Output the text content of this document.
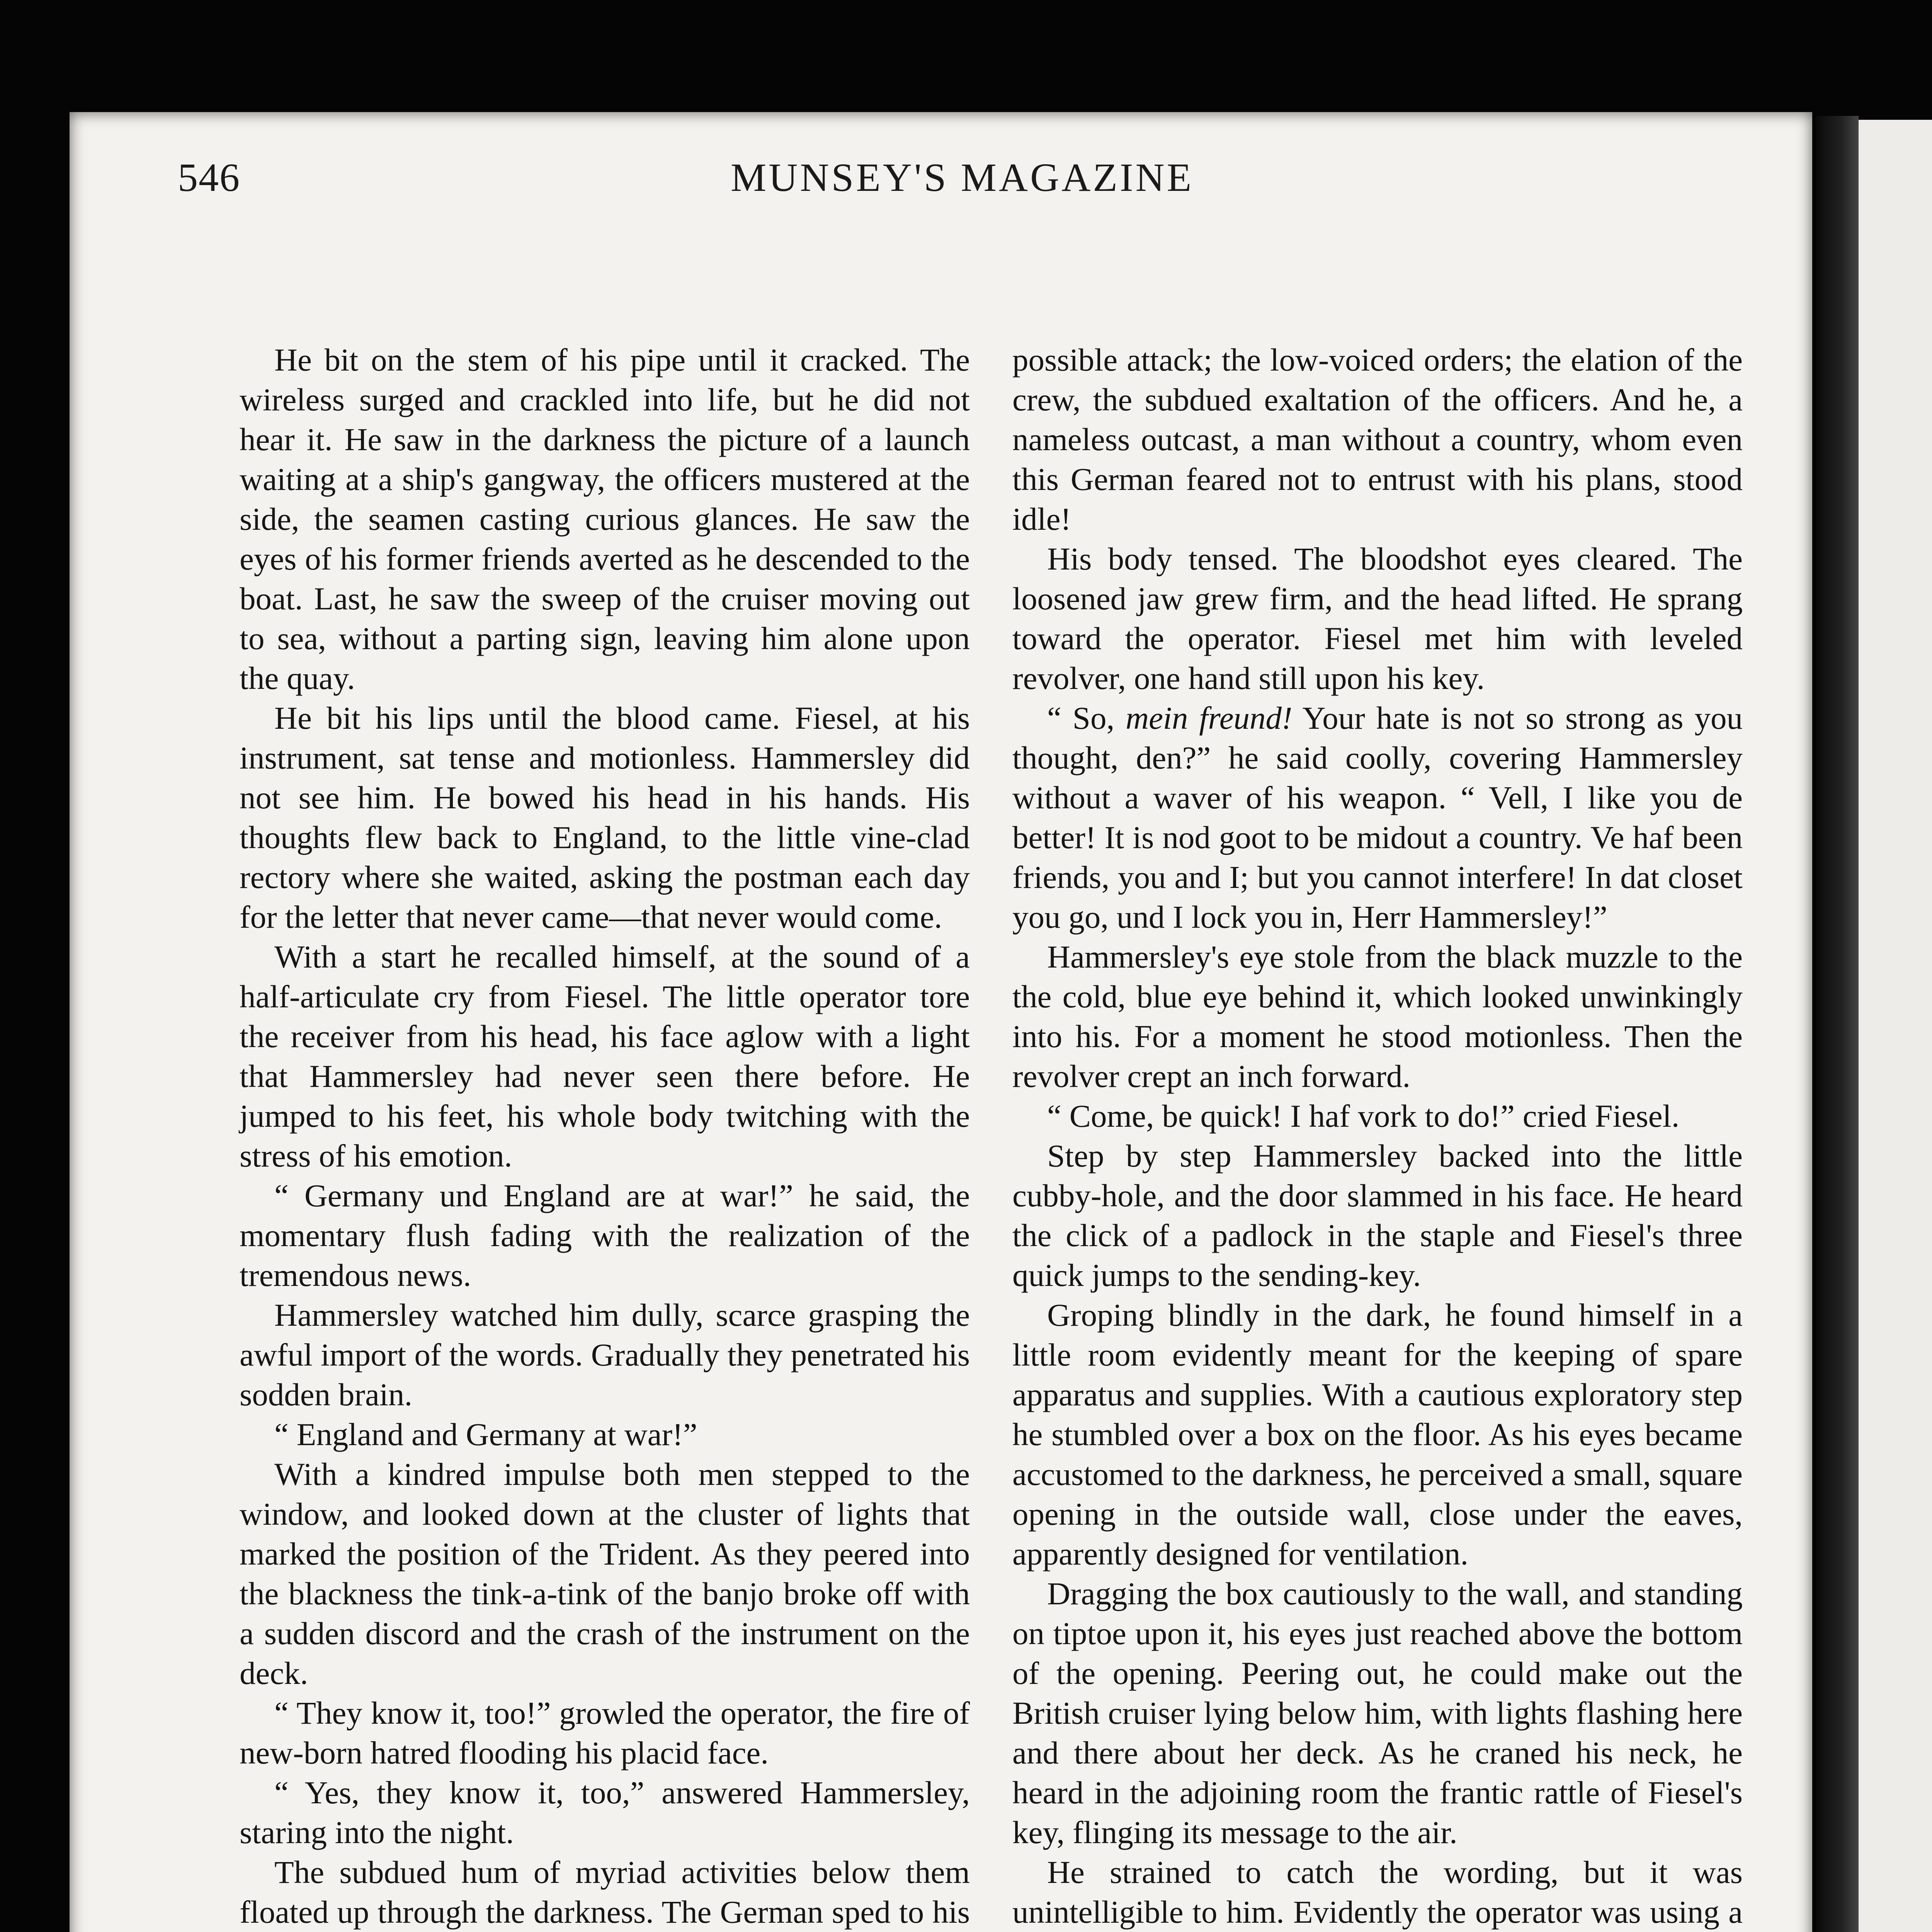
546	MUNSEY'S MAGAZINE

He bit on the stem of his pipe until it cracked. The wireless surged and crackled into life, but he did not hear it. He saw in the darkness the picture of a launch waiting at a ship's gangway, the officers mustered at the side, the seamen casting curious glances. He saw the eyes of his former friends averted as he descended to the boat. Last, he saw the sweep of the cruiser moving out to sea, without a parting sign, leaving him alone upon the quay.

He bit his lips until the blood came. Fiesel, at his instrument, sat tense and motionless. Hammersley did not see him. He bowed his head in his hands. His thoughts flew back to England, to the little vine-clad rectory where she waited, asking the postman each day for the letter that never came—that never would come.

With a start he recalled himself, at the sound of a half-articulate cry from Fiesel. The little operator tore the receiver from his head, his face aglow with a light that Hammersley had never seen there before. He jumped to his feet, his whole body twitching with the stress of his emotion.

“ Germany und England are at war!” he said, the momentary flush fading with the realization of the tremendous news.

Hammersley watched him dully, scarce grasping the awful import of the words. Gradually they penetrated his sodden brain.

“ England and Germany at war!”

With a kindred impulse both men stepped to the window, and looked down at the cluster of lights that marked the position of the Trident. As they peered into the blackness the tink-a-tink of the banjo broke off with a sudden discord and the crash of the instrument on the deck.

“ They know it, too!” growled the operator, the fire of new-born hatred flooding his placid face.

“ Yes, they know it, too,” answered Hammersley, staring into the night.

The subdued hum of myriad activities below them floated up through the darkness. The German sped to his

possible attack; the low-voiced orders; the elation of the crew, the subdued exaltation of the officers. And he, a nameless outcast, a man without a country, whom even this German feared not to entrust with his plans, stood idle!

His body tensed. The bloodshot eyes cleared. The loosened jaw grew firm, and the head lifted. He sprang toward the operator. Fiesel met him with leveled revolver, one hand still upon his key.

“ So, mein freund! Your hate is not so strong as you thought, den?” he said coolly, covering Hammersley without a waver of his weapon. “ Vell, I like you de better! It is nod goot to be midout a country. Ve haf been friends, you and I; but you cannot interfere! In dat closet you go, und I lock you in, Herr Hammersley!”

Hammersley's eye stole from the black muzzle to the the cold, blue eye behind it, which looked unwinkingly into his. For a moment he stood motionless. Then the revolver crept an inch forward.

“ Come, be quick! I haf vork to do!” cried Fiesel.

Step by step Hammersley backed into the little cubby-hole, and the door slammed in his face. He heard the click of a padlock in the staple and Fiesel's three quick jumps to the sending-key.

Groping blindly in the dark, he found himself in a little room evidently meant for the keeping of spare apparatus and supplies. With a cautious exploratory step he stumbled over a box on the floor. As his eyes became accustomed to the darkness, he perceived a small, square opening in the outside wall, close under the eaves, apparently designed for ventilation.

Dragging the box cautiously to the wall, and standing on tiptoe upon it, his eyes just reached above the bottom of the opening. Peering out, he could make out the British cruiser lying below him, with lights flashing here and there about her deck. As he craned his neck, he heard in the adjoining room the frantic rattle of Fiesel's key, flinging its message to the air.

He strained to catch the wording, but it was unintelligible to him. Evidently the operator was using a
